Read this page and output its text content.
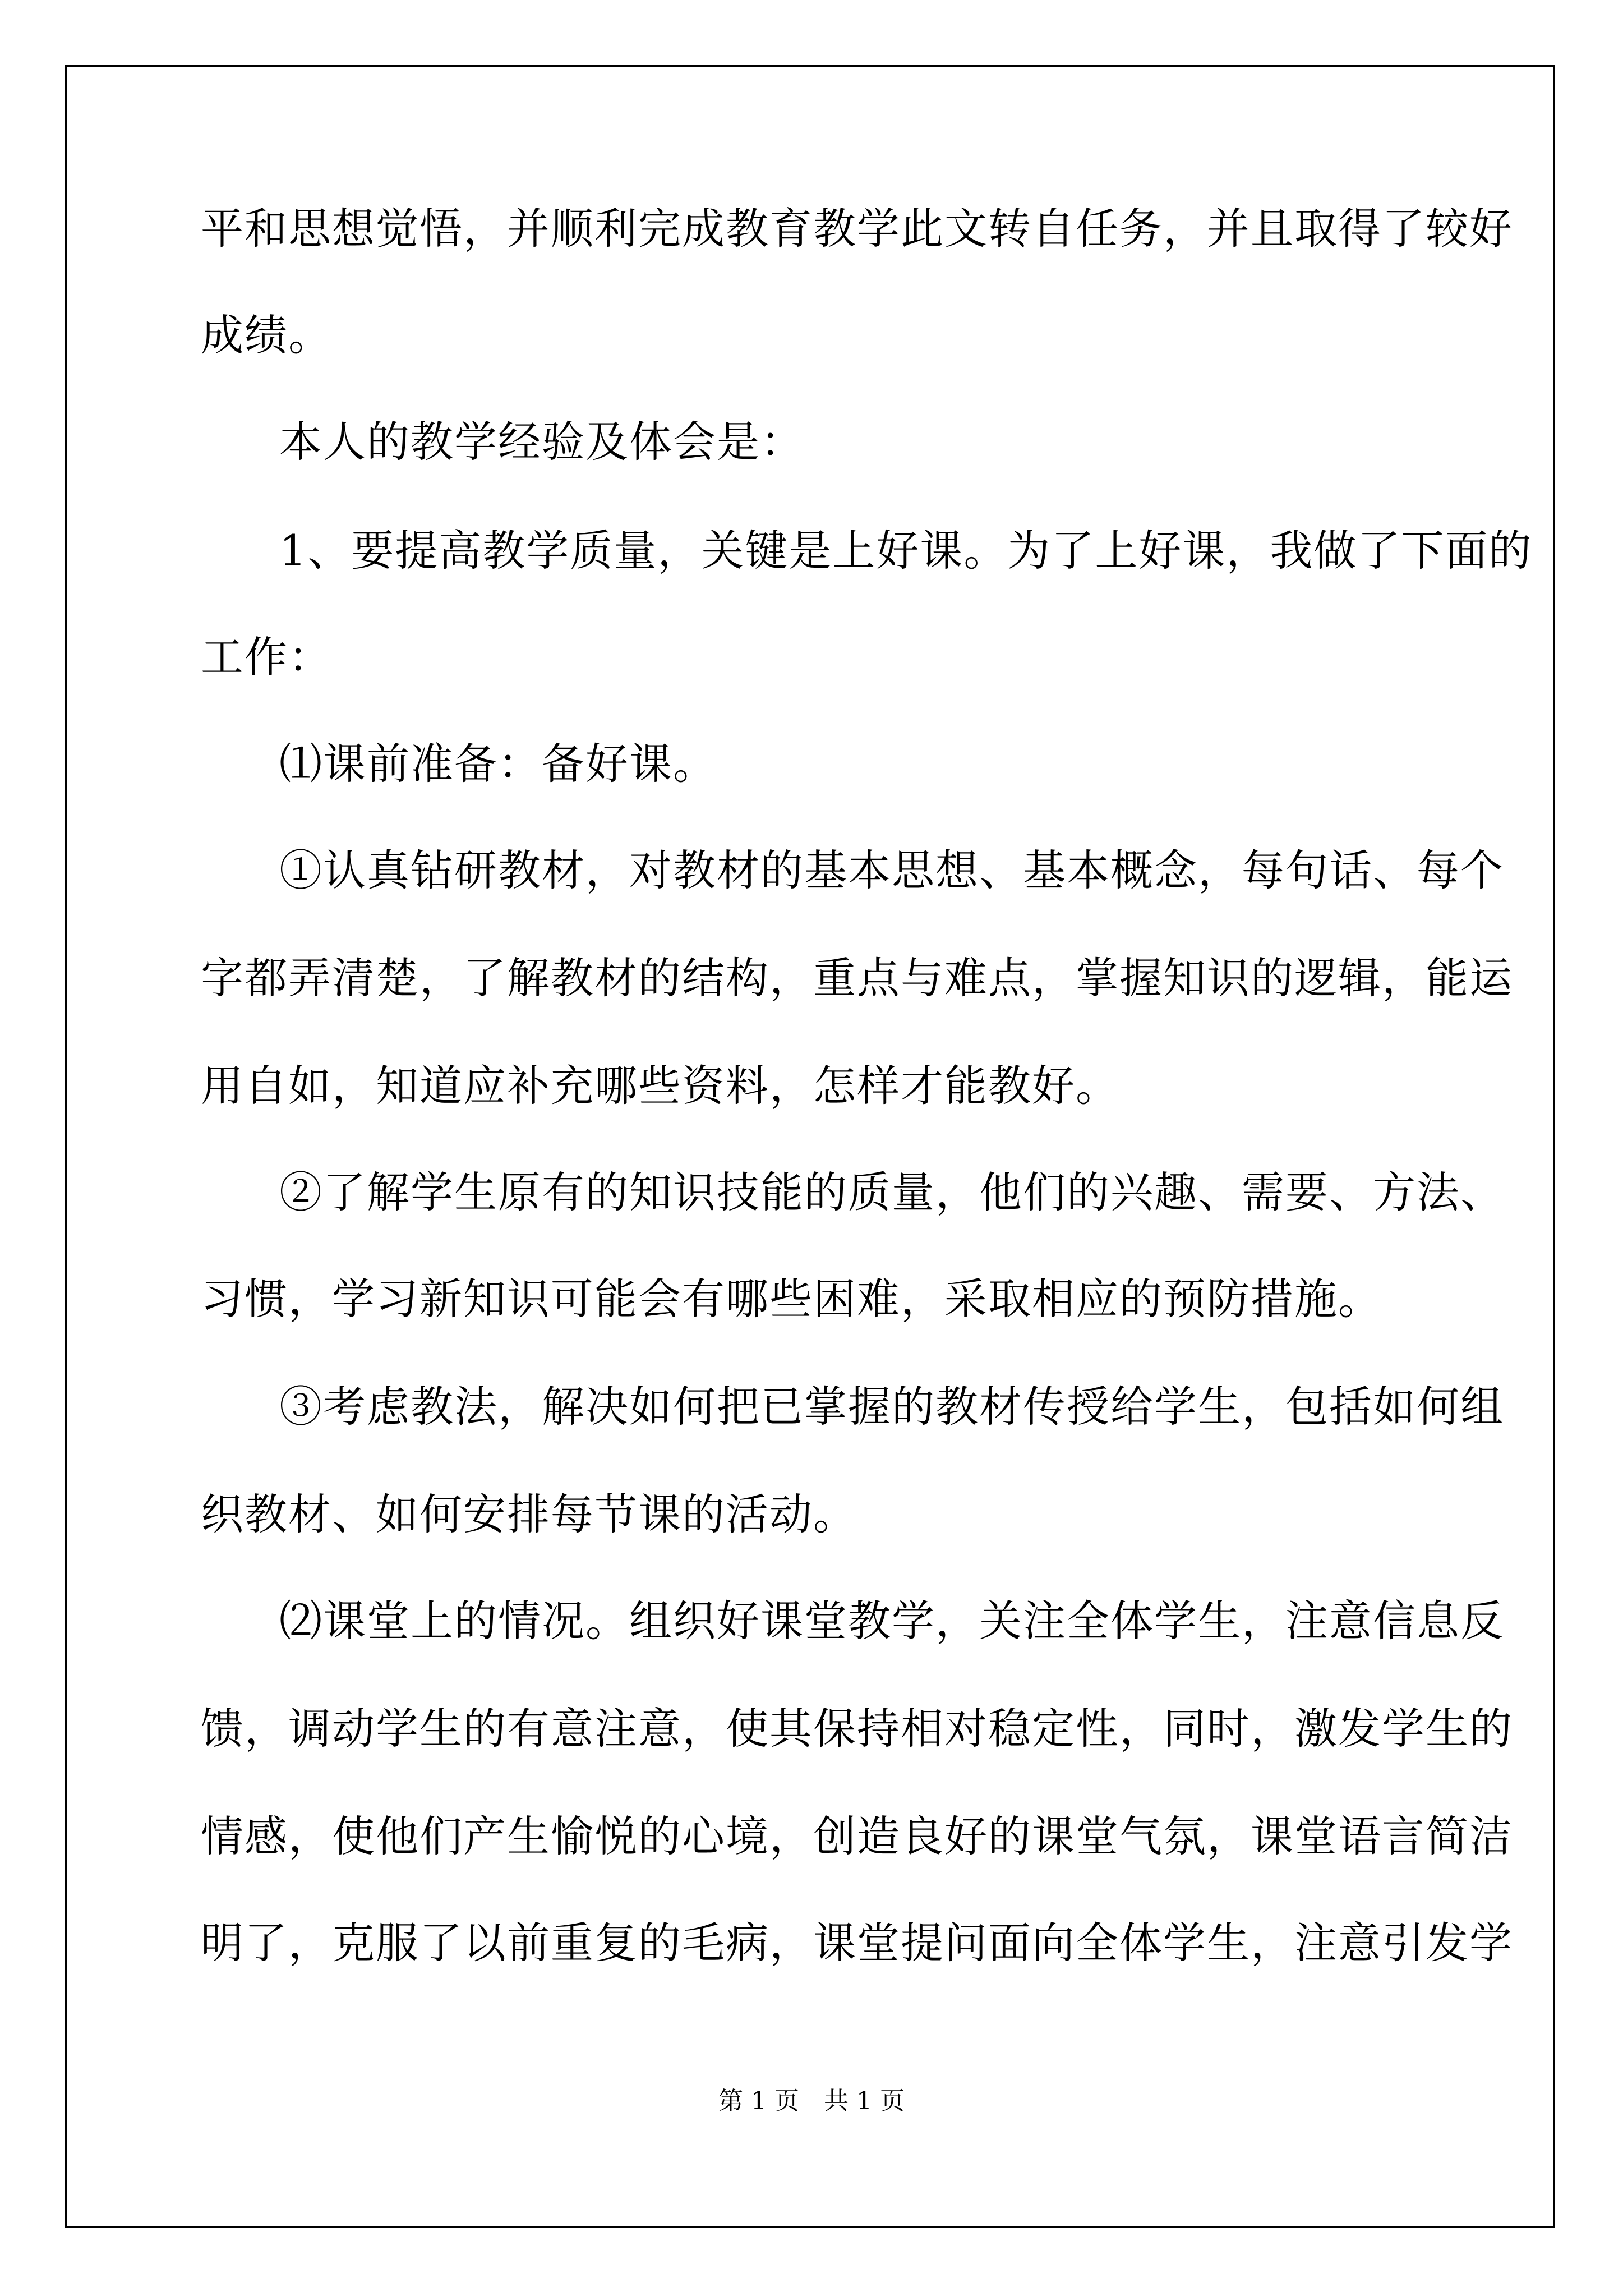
平和思想觉悟，并顺利完成教育教学此文转自任务，并且取得了较好
成绩。
本人的教学经验及体会是：
1、要提高教学质量，关键是上好课。为了上好课，我做了下面的
工作：
⑴课前准备：备好课。
①认真钻研教材，对教材的基本思想、基本概念，每句话、每个
字都弄清楚，了解教材的结构，重点与难点，掌握知识的逻辑，能运
用自如，知道应补充哪些资料，怎样才能教好。
②了解学生原有的知识技能的质量，他们的兴趣、需要、方法、
习惯，学习新知识可能会有哪些困难，采取相应的预防措施。
③考虑教法，解决如何把已掌握的教材传授给学生，包括如何组
织教材、如何安排每节课的活动。
⑵课堂上的情况。组织好课堂教学，关注全体学生，注意信息反
馈，调动学生的有意注意，使其保持相对稳定性，同时，激发学生的
情感，使他们产生愉悦的心境，创造良好的课堂气氛，课堂语言简洁
明了，克服了以前重复的毛病，课堂提问面向全体学生，注意引发学
第 1 页　共 1 页
